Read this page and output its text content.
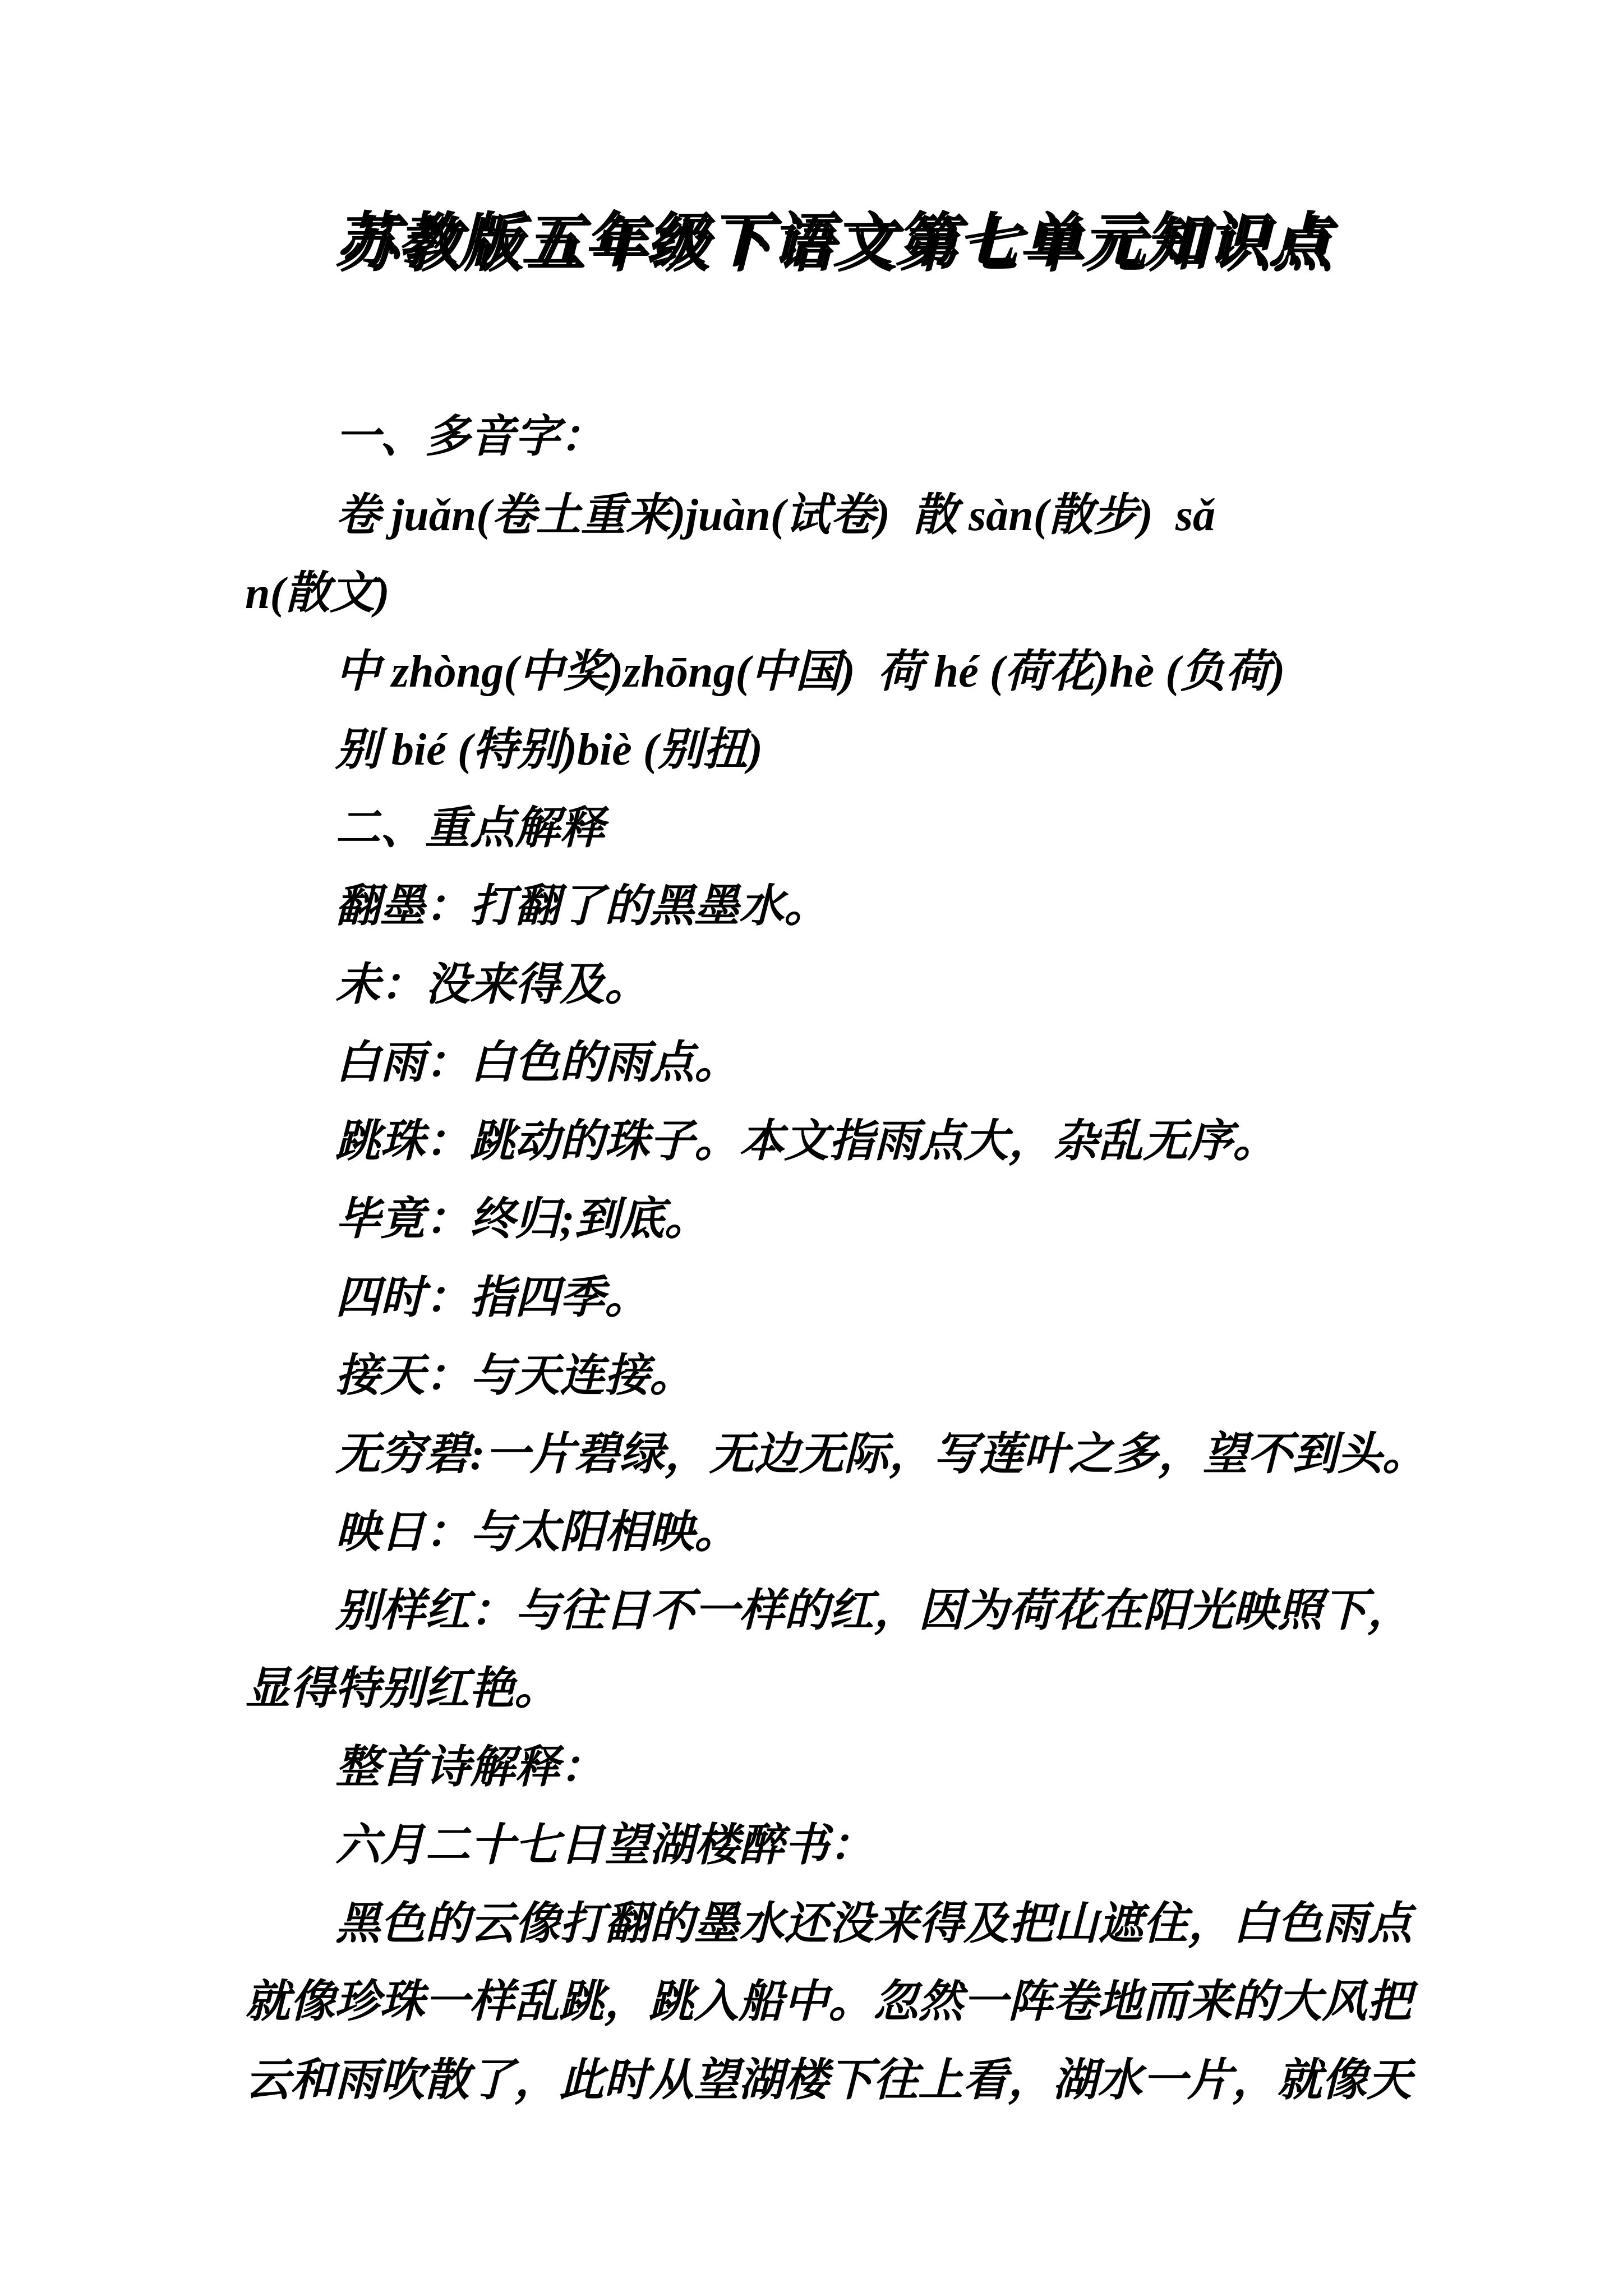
苏教版五年级下语文第七单元知识点

一、多音字：

卷 juǎn(卷土重来)juàn(试卷)  散 sàn(散步)  sǎ

n(散文)

中 zhòng(中奖)zhōng(中国)  荷 hé (荷花)hè (负荷)

别 bié (特别)biè (别扭)

二、重点解释

翻墨：打翻了的黑墨水。

未：没来得及。

白雨：白色的雨点。

跳珠：跳动的珠子。本文指雨点大，杂乱无序。

毕竟：终归;到底。

四时：指四季。

接天：与天连接。

无穷碧:一片碧绿，无边无际，写莲叶之多，望不到头。

映日：与太阳相映。

别样红：与往日不一样的红，因为荷花在阳光映照下，

显得特别红艳。

整首诗解释：

六月二十七日望湖楼醉书：

黑色的云像打翻的墨水还没来得及把山遮住，白色雨点

就像珍珠一样乱跳，跳入船中。忽然一阵卷地而来的大风把

云和雨吹散了，此时从望湖楼下往上看，湖水一片，就像天
